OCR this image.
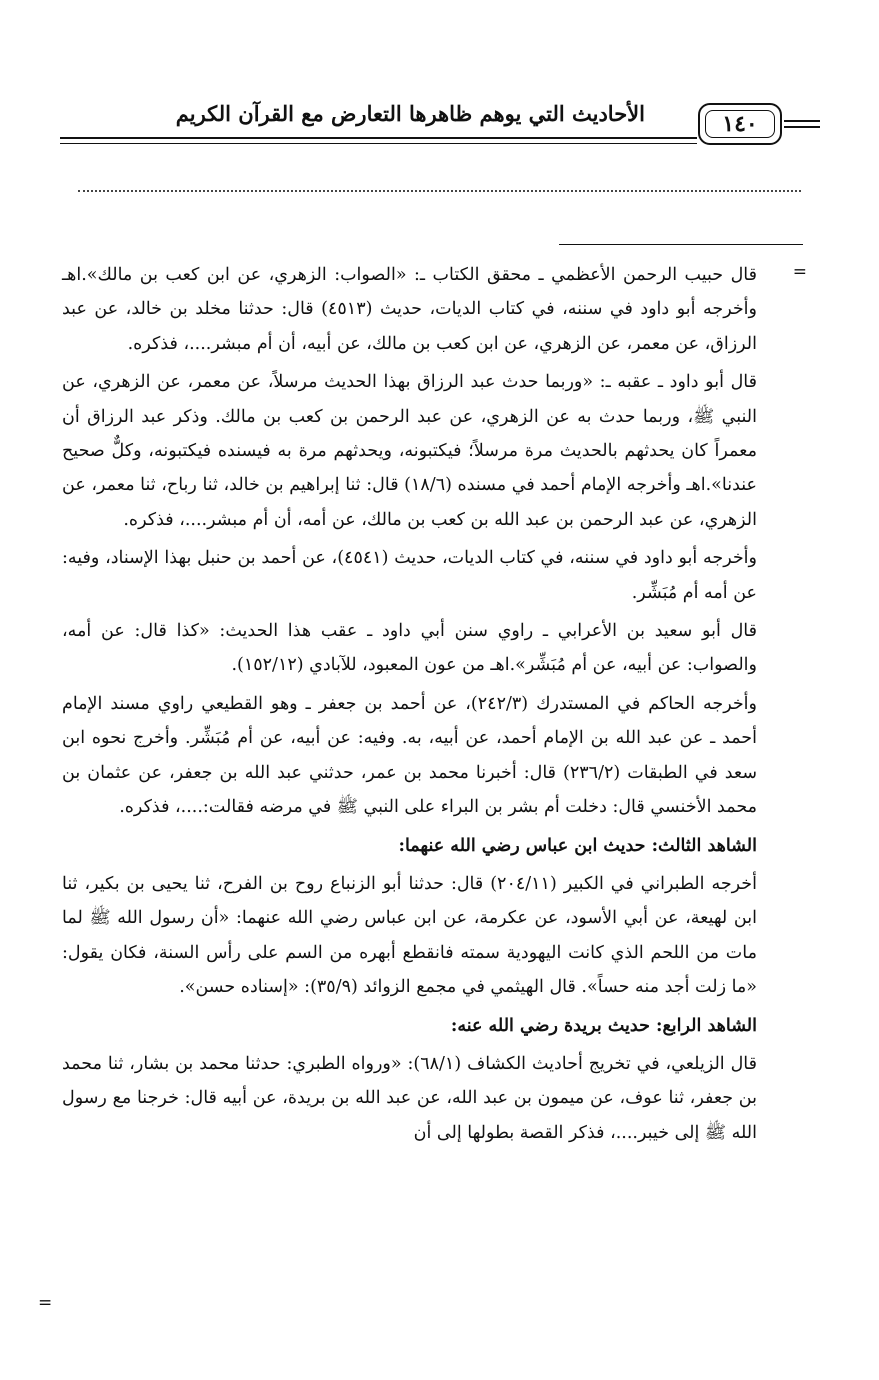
الأحاديث التي يوهم ظاهرها التعارض مع القرآن الكريم	١٤٠
=

قال حبيب الرحمن الأعظمي ـ محقق الكتاب ـ: «الصواب: الزهري، عن ابن كعب بن مالك».اهـ وأخرجه أبو داود في سننه، في كتاب الديات، حديث (٤٥١٣) قال: حدثنا مخلد بن خالد، عن عبد الرزاق، عن معمر، عن الزهري، عن ابن كعب بن مالك، عن أبيه، أن أم مبشر....، فذكره.

قال أبو داود ـ عقبه ـ: «وربما حدث عبد الرزاق بهذا الحديث مرسلاً، عن معمر، عن الزهري، عن النبي ﷺ، وربما حدث به عن الزهري، عن عبد الرحمن بن كعب بن مالك. وذكر عبد الرزاق أن معمراً كان يحدثهم بالحديث مرة مرسلاً؛ فيكتبونه، ويحدثهم مرة به فيسنده فيكتبونه، وكلٌّ صحيح عندنا».اهـ وأخرجه الإمام أحمد في مسنده (١٨/٦) قال: ثنا إبراهيم بن خالد، ثنا رباح، ثنا معمر، عن الزهري، عن عبد الرحمن بن عبد الله بن كعب بن مالك، عن أمه، أن أم مبشر....، فذكره.

وأخرجه أبو داود في سننه، في كتاب الديات، حديث (٤٥٤١)، عن أحمد بن حنبل بهذا الإسناد، وفيه: عن أمه أم مُبَشِّر.

قال أبو سعيد بن الأعرابي ـ راوي سنن أبي داود ـ عقب هذا الحديث: «كذا قال: عن أمه، والصواب: عن أبيه، عن أم مُبَشِّر».اهـ من عون المعبود، للآبادي (١٥٢/١٢).

وأخرجه الحاكم في المستدرك (٢٤٢/٣)، عن أحمد بن جعفر ـ وهو القطيعي راوي مسند الإمام أحمد ـ عن عبد الله بن الإمام أحمد، عن أبيه، به. وفيه: عن أبيه، عن أم مُبَشِّر. وأخرج نحوه ابن سعد في الطبقات (٢٣٦/٢) قال: أخبرنا محمد بن عمر، حدثني عبد الله بن جعفر، عن عثمان بن محمد الأخنسي قال: دخلت أم بشر بن البراء على النبي ﷺ في مرضه فقالت:....، فذكره.

الشاهد الثالث: حديث ابن عباس رضي الله عنهما:

أخرجه الطبراني في الكبير (٢٠٤/١١) قال: حدثنا أبو الزنباع روح بن الفرح، ثنا يحيى بن بكير، ثنا ابن لهيعة، عن أبي الأسود، عن عكرمة، عن ابن عباس رضي الله عنهما: «أن رسول الله ﷺ لما مات من اللحم الذي كانت اليهودية سمته فانقطع أبهره من السم على رأس السنة، فكان يقول: «ما زلت أجد منه حساً». قال الهيثمي في مجمع الزوائد (٣٥/٩): «إسناده حسن».

الشاهد الرابع: حديث بريدة رضي الله عنه:

قال الزيلعي، في تخريج أحاديث الكشاف (٦٨/١): «ورواه الطبري: حدثنا محمد بن بشار، ثنا محمد بن جعفر، ثنا عوف، عن ميمون بن عبد الله، عن عبد الله بن بريدة، عن أبيه قال: خرجنا مع رسول الله ﷺ إلى خيبر....، فذكر القصة بطولها إلى أن

=
